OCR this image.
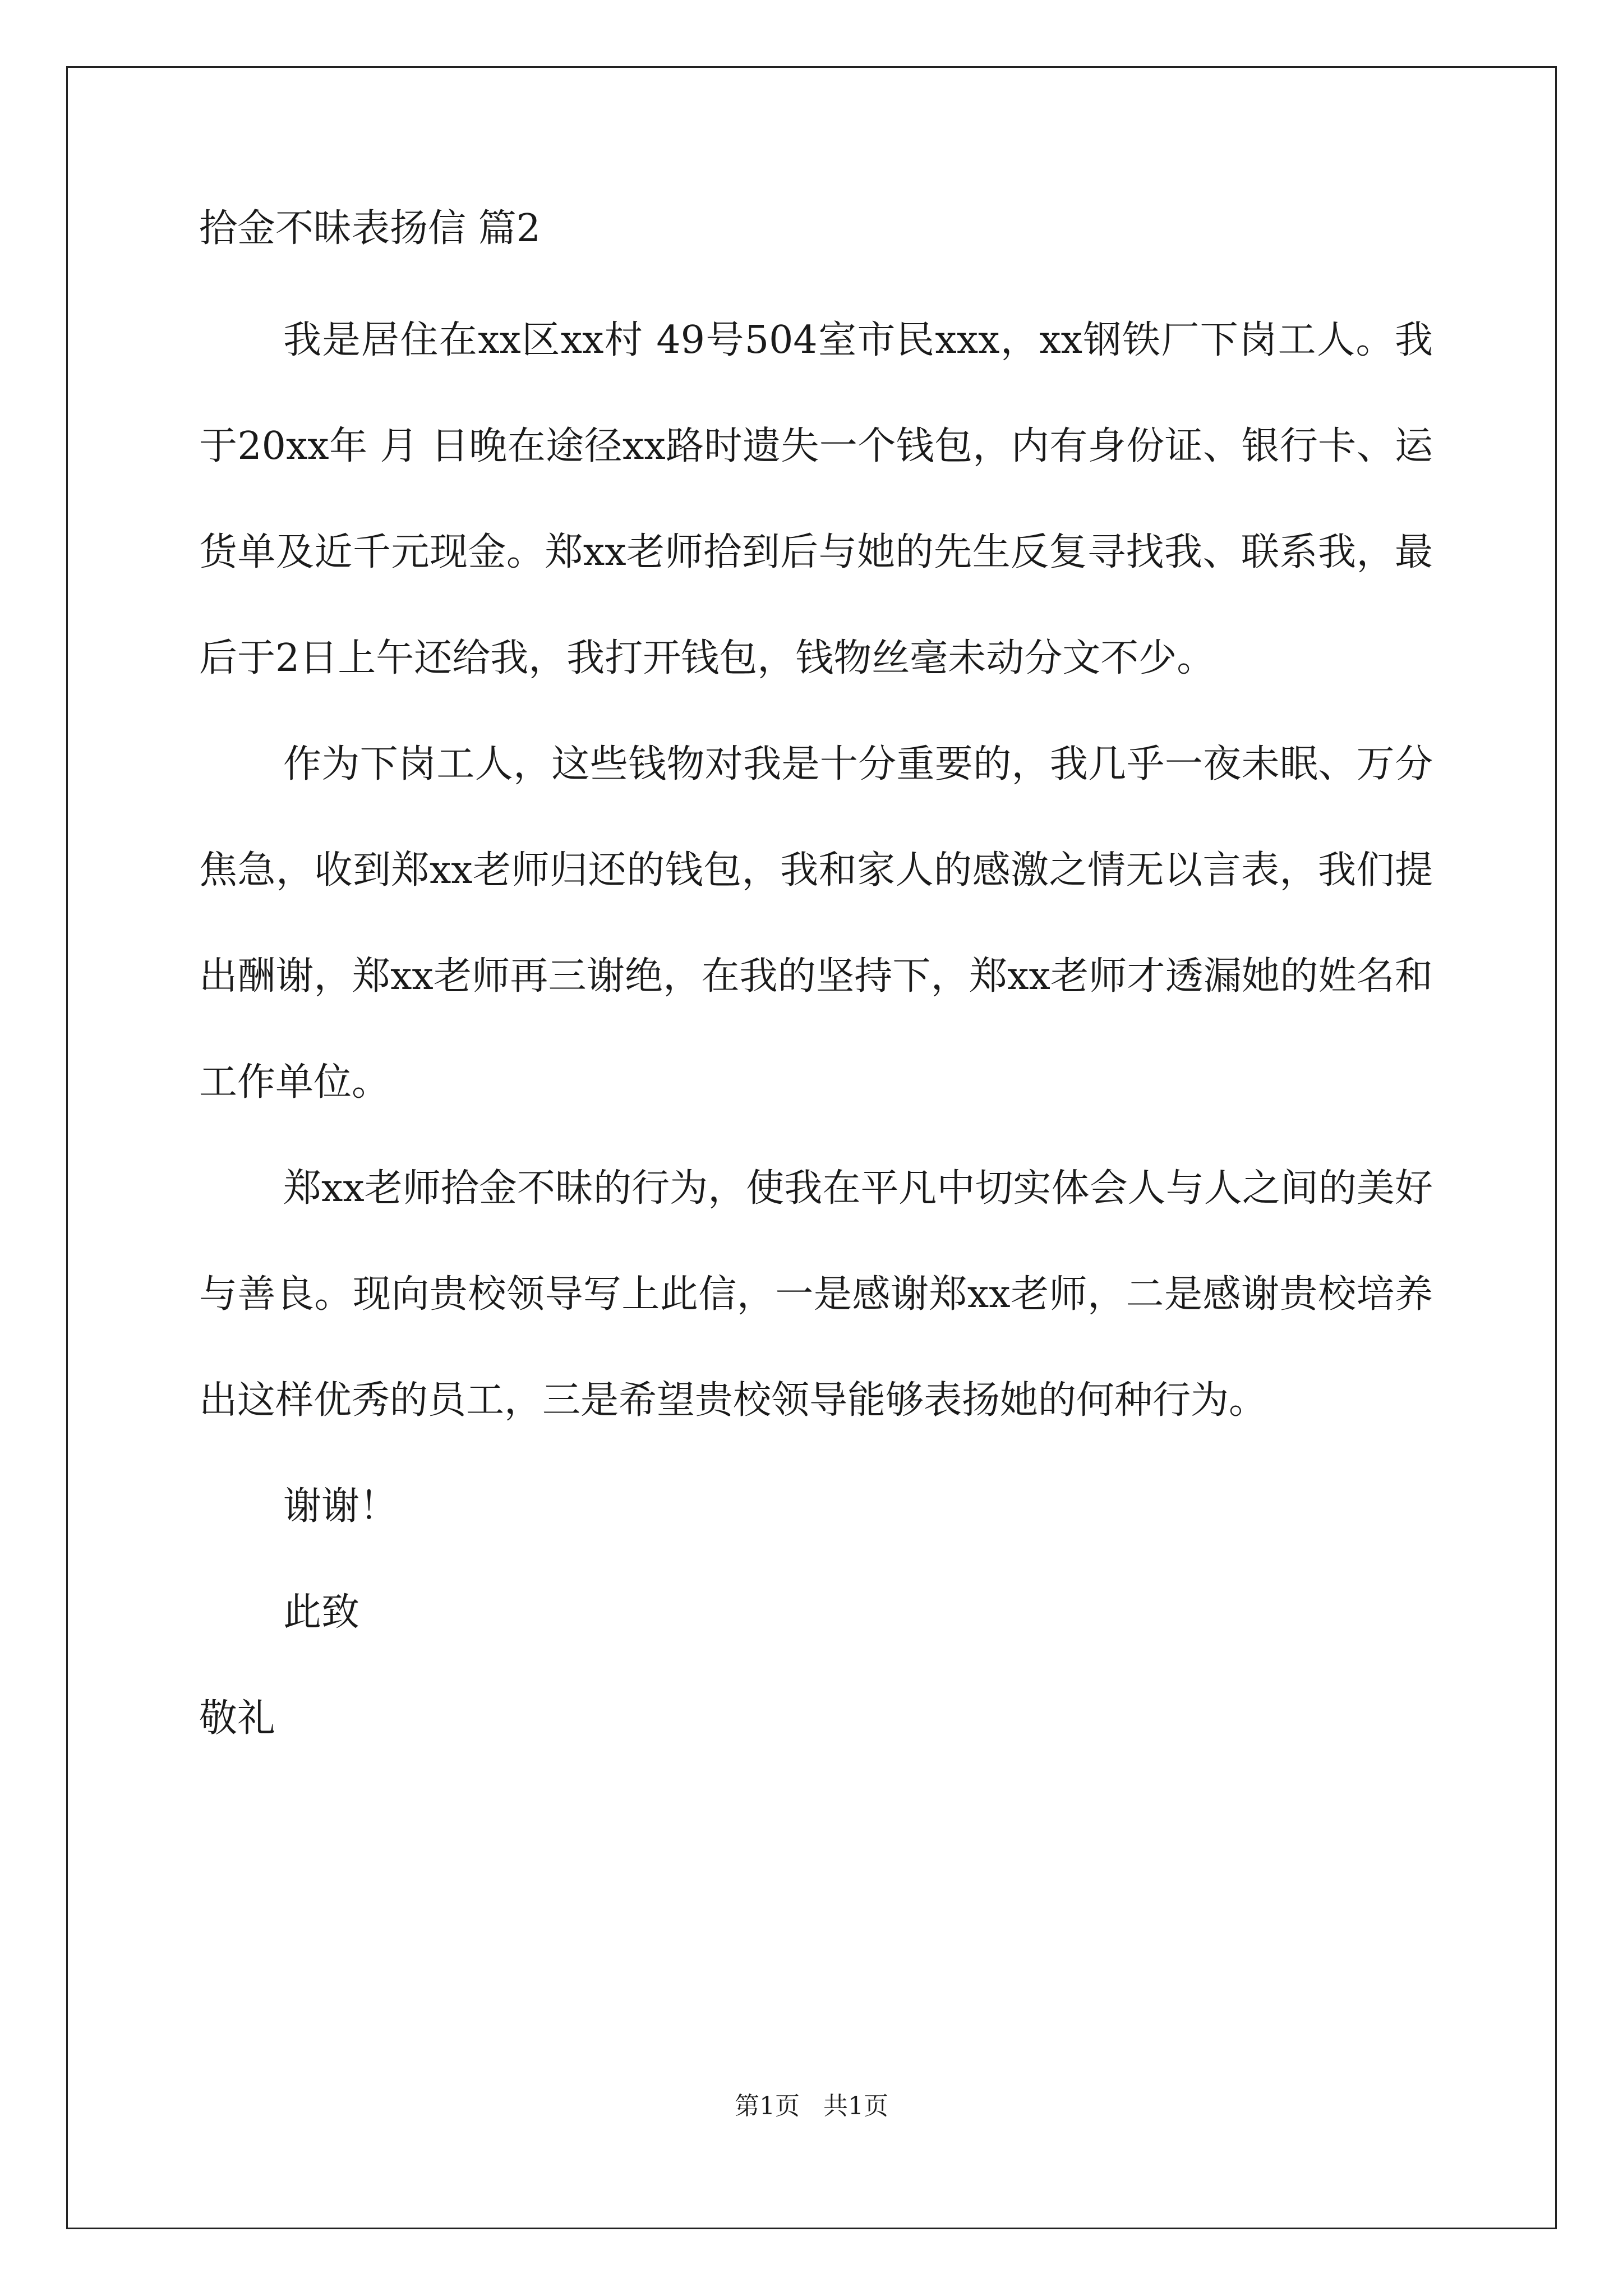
拾金不昧表扬信 篇2

我是居住在xx区xx村 49号504室市民xxx，xx钢铁厂下岗工人。我于20xx年 月 日晚在途径xx路时遗失一个钱包，内有身份证、银行卡、运货单及近千元现金。郑xx老师拾到后与她的先生反复寻找我、联系我，最后于2日上午还给我，我打开钱包，钱物丝毫未动分文不少。

作为下岗工人，这些钱物对我是十分重要的，我几乎一夜未眠、万分焦急，收到郑xx老师归还的钱包，我和家人的感激之情无以言表，我们提出酬谢，郑xx老师再三谢绝，在我的坚持下，郑xx老师才透漏她的姓名和工作单位。

郑xx老师拾金不昧的行为，使我在平凡中切实体会人与人之间的美好与善良。现向贵校领导写上此信，一是感谢郑xx老师，二是感谢贵校培养出这样优秀的员工，三是希望贵校领导能够表扬她的何种行为。

谢谢！

此致

敬礼

第1页   共1页
